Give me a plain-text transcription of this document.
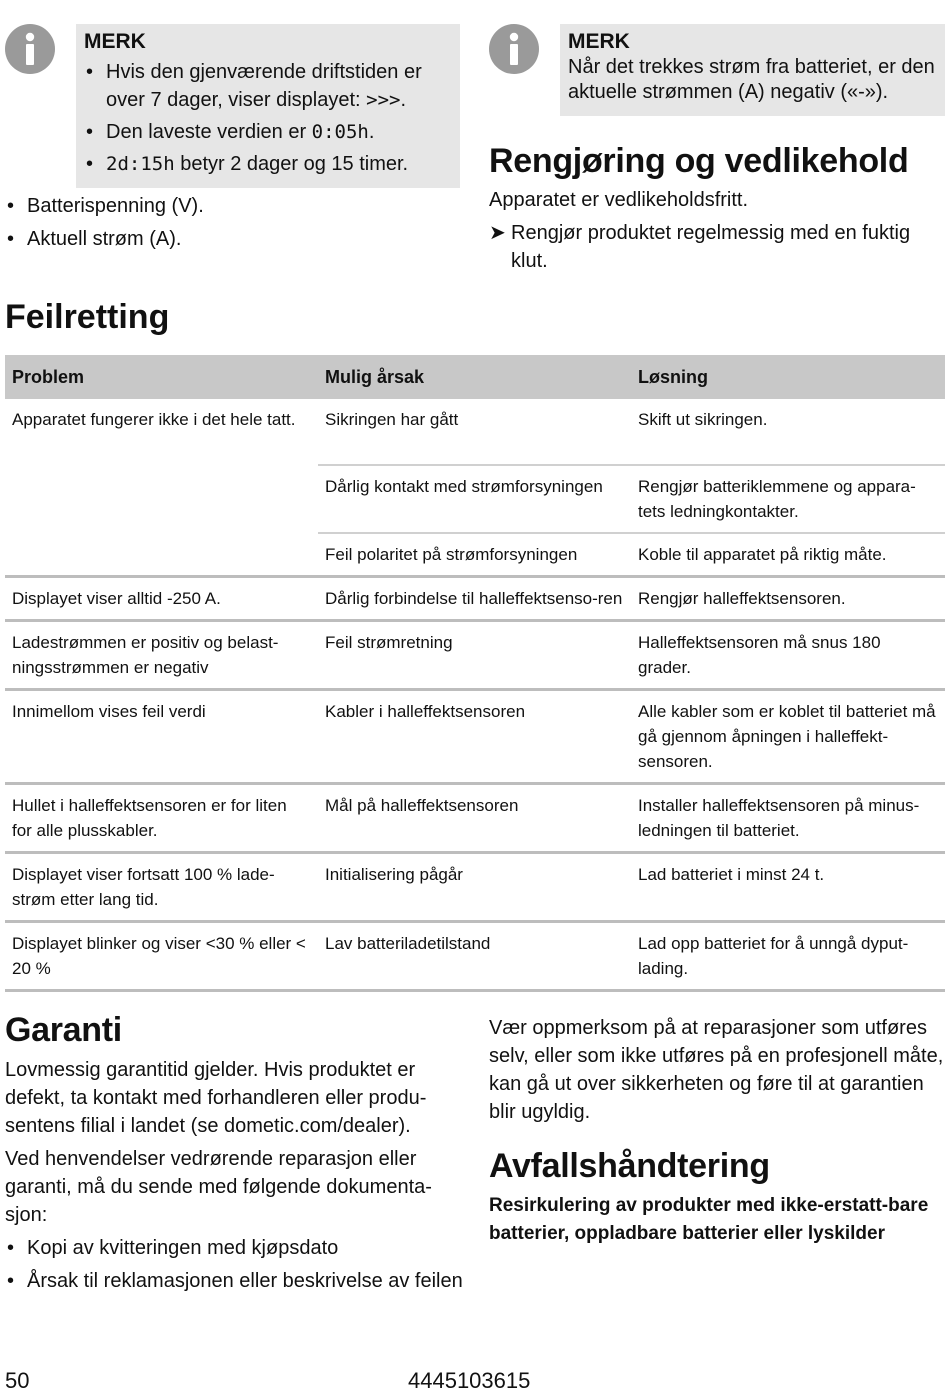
MERK
• Hvis den gjenværende driftstiden er over 7 dager, viser displayet: >>>.
• Den laveste verdien er 0:05h.
• 2d:15h betyr 2 dager og 15 timer.
• Batterispenning (V).
• Aktuell strøm (A).
MERK
Når det trekkes strøm fra batteriet, er den aktuelle strømmen (A) negativ («-»).
Rengjøring og vedlikehold

Apparatet er vedlikeholdsfritt.

➤ Rengjør produktet regelmessig med en fuktig klut.
Feilretting
Problem	Mulig årsak	Løsning
Apparatet fungerer ikke i det hele tatt.	Sikringen har gått	Skift ut sikringen.
	Dårlig kontakt med strømforsyningen	Rengjør batteriklemmene og appara-tets ledningkontakter.
	Feil polaritet på strømforsyningen	Koble til apparatet på riktig måte.
Displayet viser alltid -250 A.	Dårlig forbindelse til halleffektsenso-ren	Rengjør halleffektsensoren.
Ladestrømmen er positiv og belast-ningsstrømmen er negativ	Feil strømretning	Halleffektsensoren må snus 180 grader.
Innimellom vises feil verdi	Kabler i halleffektsensoren	Alle kabler som er koblet til batteriet må gå gjennom åpningen i halleffekt-sensoren.
Hullet i halleffektsensoren er for liten for alle plusskabler.	Mål på halleffektsensoren	Installer halleffektsensoren på minus-ledningen til batteriet.
Displayet viser fortsatt 100 % lade-strøm etter lang tid.	Initialisering pågår	Lad batteriet i minst 24 t.
Displayet blinker og viser <30 % eller < 20 %	Lav batteriladetilstand	Lad opp batteriet for å unngå dyput-lading.
Garanti

Lovmessig garantitid gjelder. Hvis produktet er defekt, ta kontakt med forhandleren eller produ-sentens filial i landet (se dometic.com/dealer).

Ved henvendelser vedrørende reparasjon eller garanti, må du sende med følgende dokumenta-sjon:

• Kopi av kvitteringen med kjøpsdato
• Årsak til reklamasjonen eller beskrivelse av feilen

Vær oppmerksom på at reparasjoner som utføres selv, eller som ikke utføres på en profesjonell måte, kan gå ut over sikkerheten og føre til at garantien blir ugyldig.

Avfallshåndtering

Resirkulering av produkter med ikke-erstatt-bare batterier, oppladbare batterier eller lyskilder

50	4445103615
